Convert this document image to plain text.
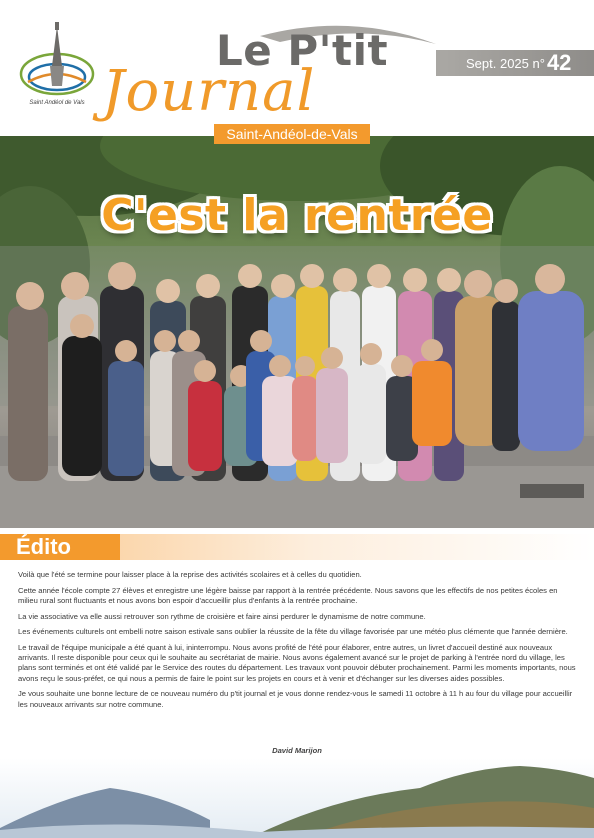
Saint Andéol de Vals
Le P'tit
Journal	Sept. 2025 n°42
Saint-Andéol-de-Vals
C'est la rentrée
Édito

Voilà que l'été se termine pour laisser place à la reprise des activités scolaires et à celles du quotidien.

Cette année l'école compte 27 élèves et enregistre une légère baisse par rapport à la rentrée précédente. Nous savons que les effectifs de nos petites écoles en milieu rural sont fluctuants et nous avons bon espoir d'accueillir plus d'enfants à la rentrée prochaine.

La vie associative va elle aussi retrouver son rythme de croisière et faire ainsi perdurer le dynamisme de notre commune.

Les événements culturels ont embelli notre saison estivale sans oublier la réussite de la fête du village favorisée par une météo plus clémente que l'année dernière.

Le travail de l'équipe municipale a été quant à lui, ininterrompu. Nous avons profité de l'été pour élaborer, entre autres, un livret d'accueil destiné aux nouveaux arrivants. Il reste disponible pour ceux qui le souhaite au secrétariat de mairie. Nous avons également avancé sur le projet de parking à l'entrée nord du village, les plans sont terminés et ont été validé par le Service des routes du département. Les travaux vont pouvoir débuter prochainement. Parmi les moments importants, nous avons reçu le sous-préfet, ce qui nous a permis de faire le point sur les projets en cours et à venir et d'échanger sur les diverses aides possibles.

Je vous souhaite une bonne lecture de ce nouveau numéro du p'tit journal et je vous donne rendez-vous le samedi 11 octobre à 11 h au four du village pour accueillir les nouveaux arrivants sur notre commune.

David Marijon
